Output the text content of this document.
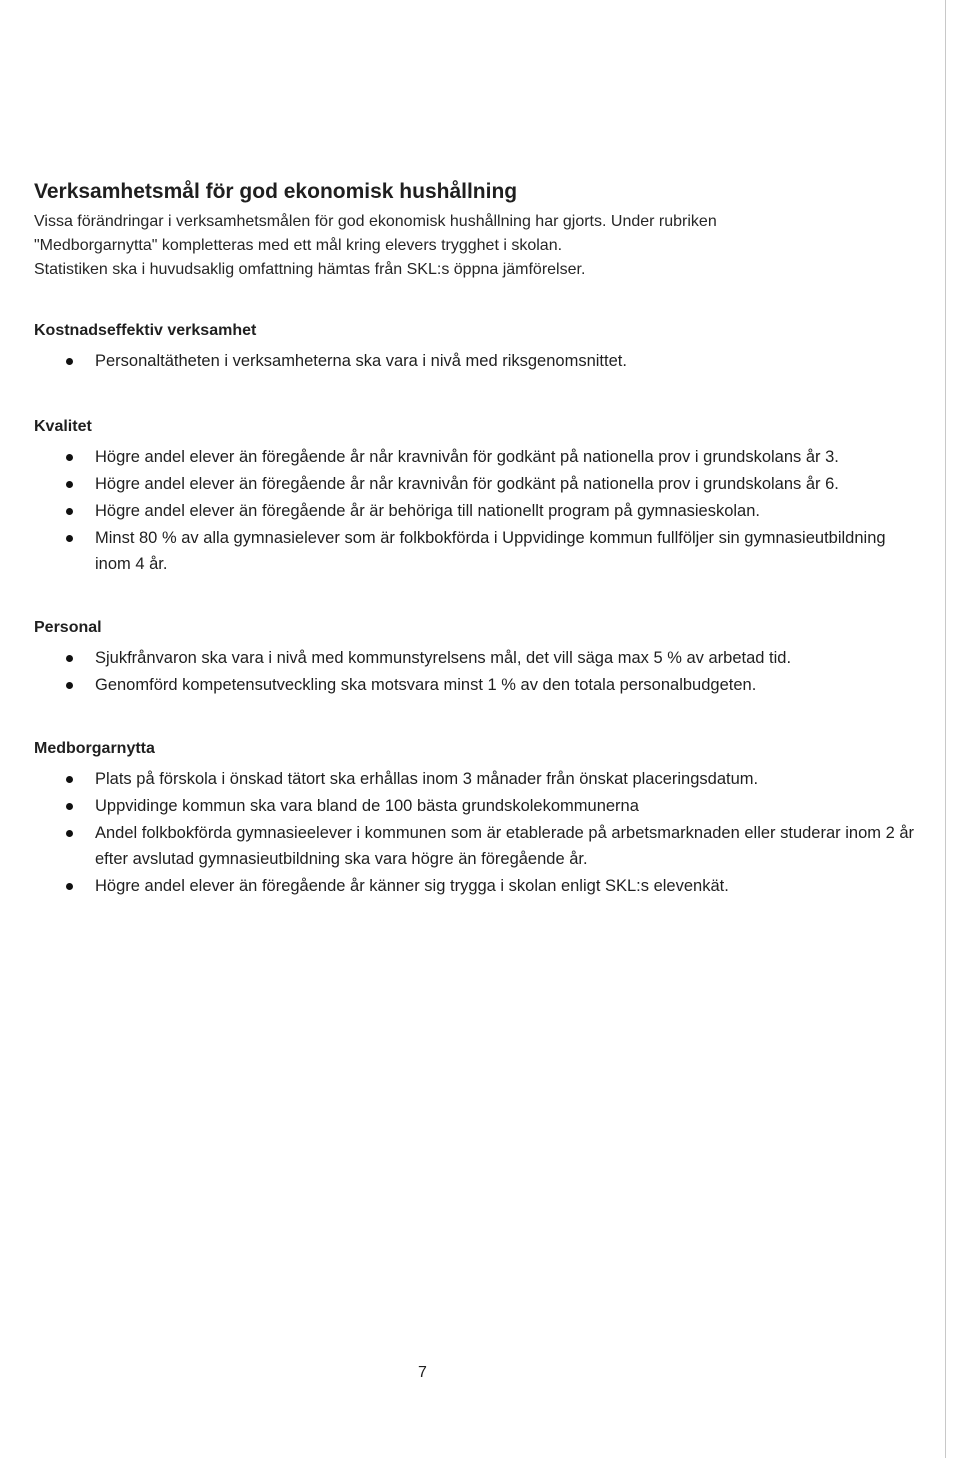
Verksamhetsmål för god ekonomisk hushållning

Vissa förändringar i verksamhetsmålen för god ekonomisk hushållning har gjorts. Under rubriken

"Medborgarnytta" kompletteras med ett mål kring elevers trygghet i skolan.

Statistiken ska i huvudsaklig omfattning hämtas från SKL:s öppna jämförelser.

Kostnadseffektiv verksamhet
Personaltätheten i verksamheterna ska vara i nivå med riksgenomsnittet.
Kvalitet
Högre andel elever än föregående år når kravnivån för godkänt på nationella prov i grundskolans år 3.
Högre andel elever än föregående år når kravnivån för godkänt på nationella prov i grundskolans år 6.
Högre andel elever än föregående år är behöriga till nationellt program på gymnasieskolan.
Minst 80 % av alla gymnasielever som är folkbokförda i Uppvidinge kommun fullföljer sin gymnasieutbildning inom 4 år.
Personal
Sjukfrånvaron ska vara i nivå med kommunstyrelsens mål, det vill säga max 5 % av arbetad tid.
Genomförd kompetensutveckling ska motsvara minst 1 % av den totala personalbudgeten.
Medborgarnytta
Plats på förskola i önskad tätort ska erhållas inom 3 månader från önskat placeringsdatum.
Uppvidinge kommun ska vara bland de 100 bästa grundskolekommunerna
Andel folkbokförda gymnasieelever i kommunen som är etablerade på arbetsmarknaden eller studerar inom 2 år efter avslutad gymnasieutbildning ska vara högre än föregående år.
Högre andel elever än föregående år känner sig trygga i skolan enligt SKL:s elevenkät.
7
